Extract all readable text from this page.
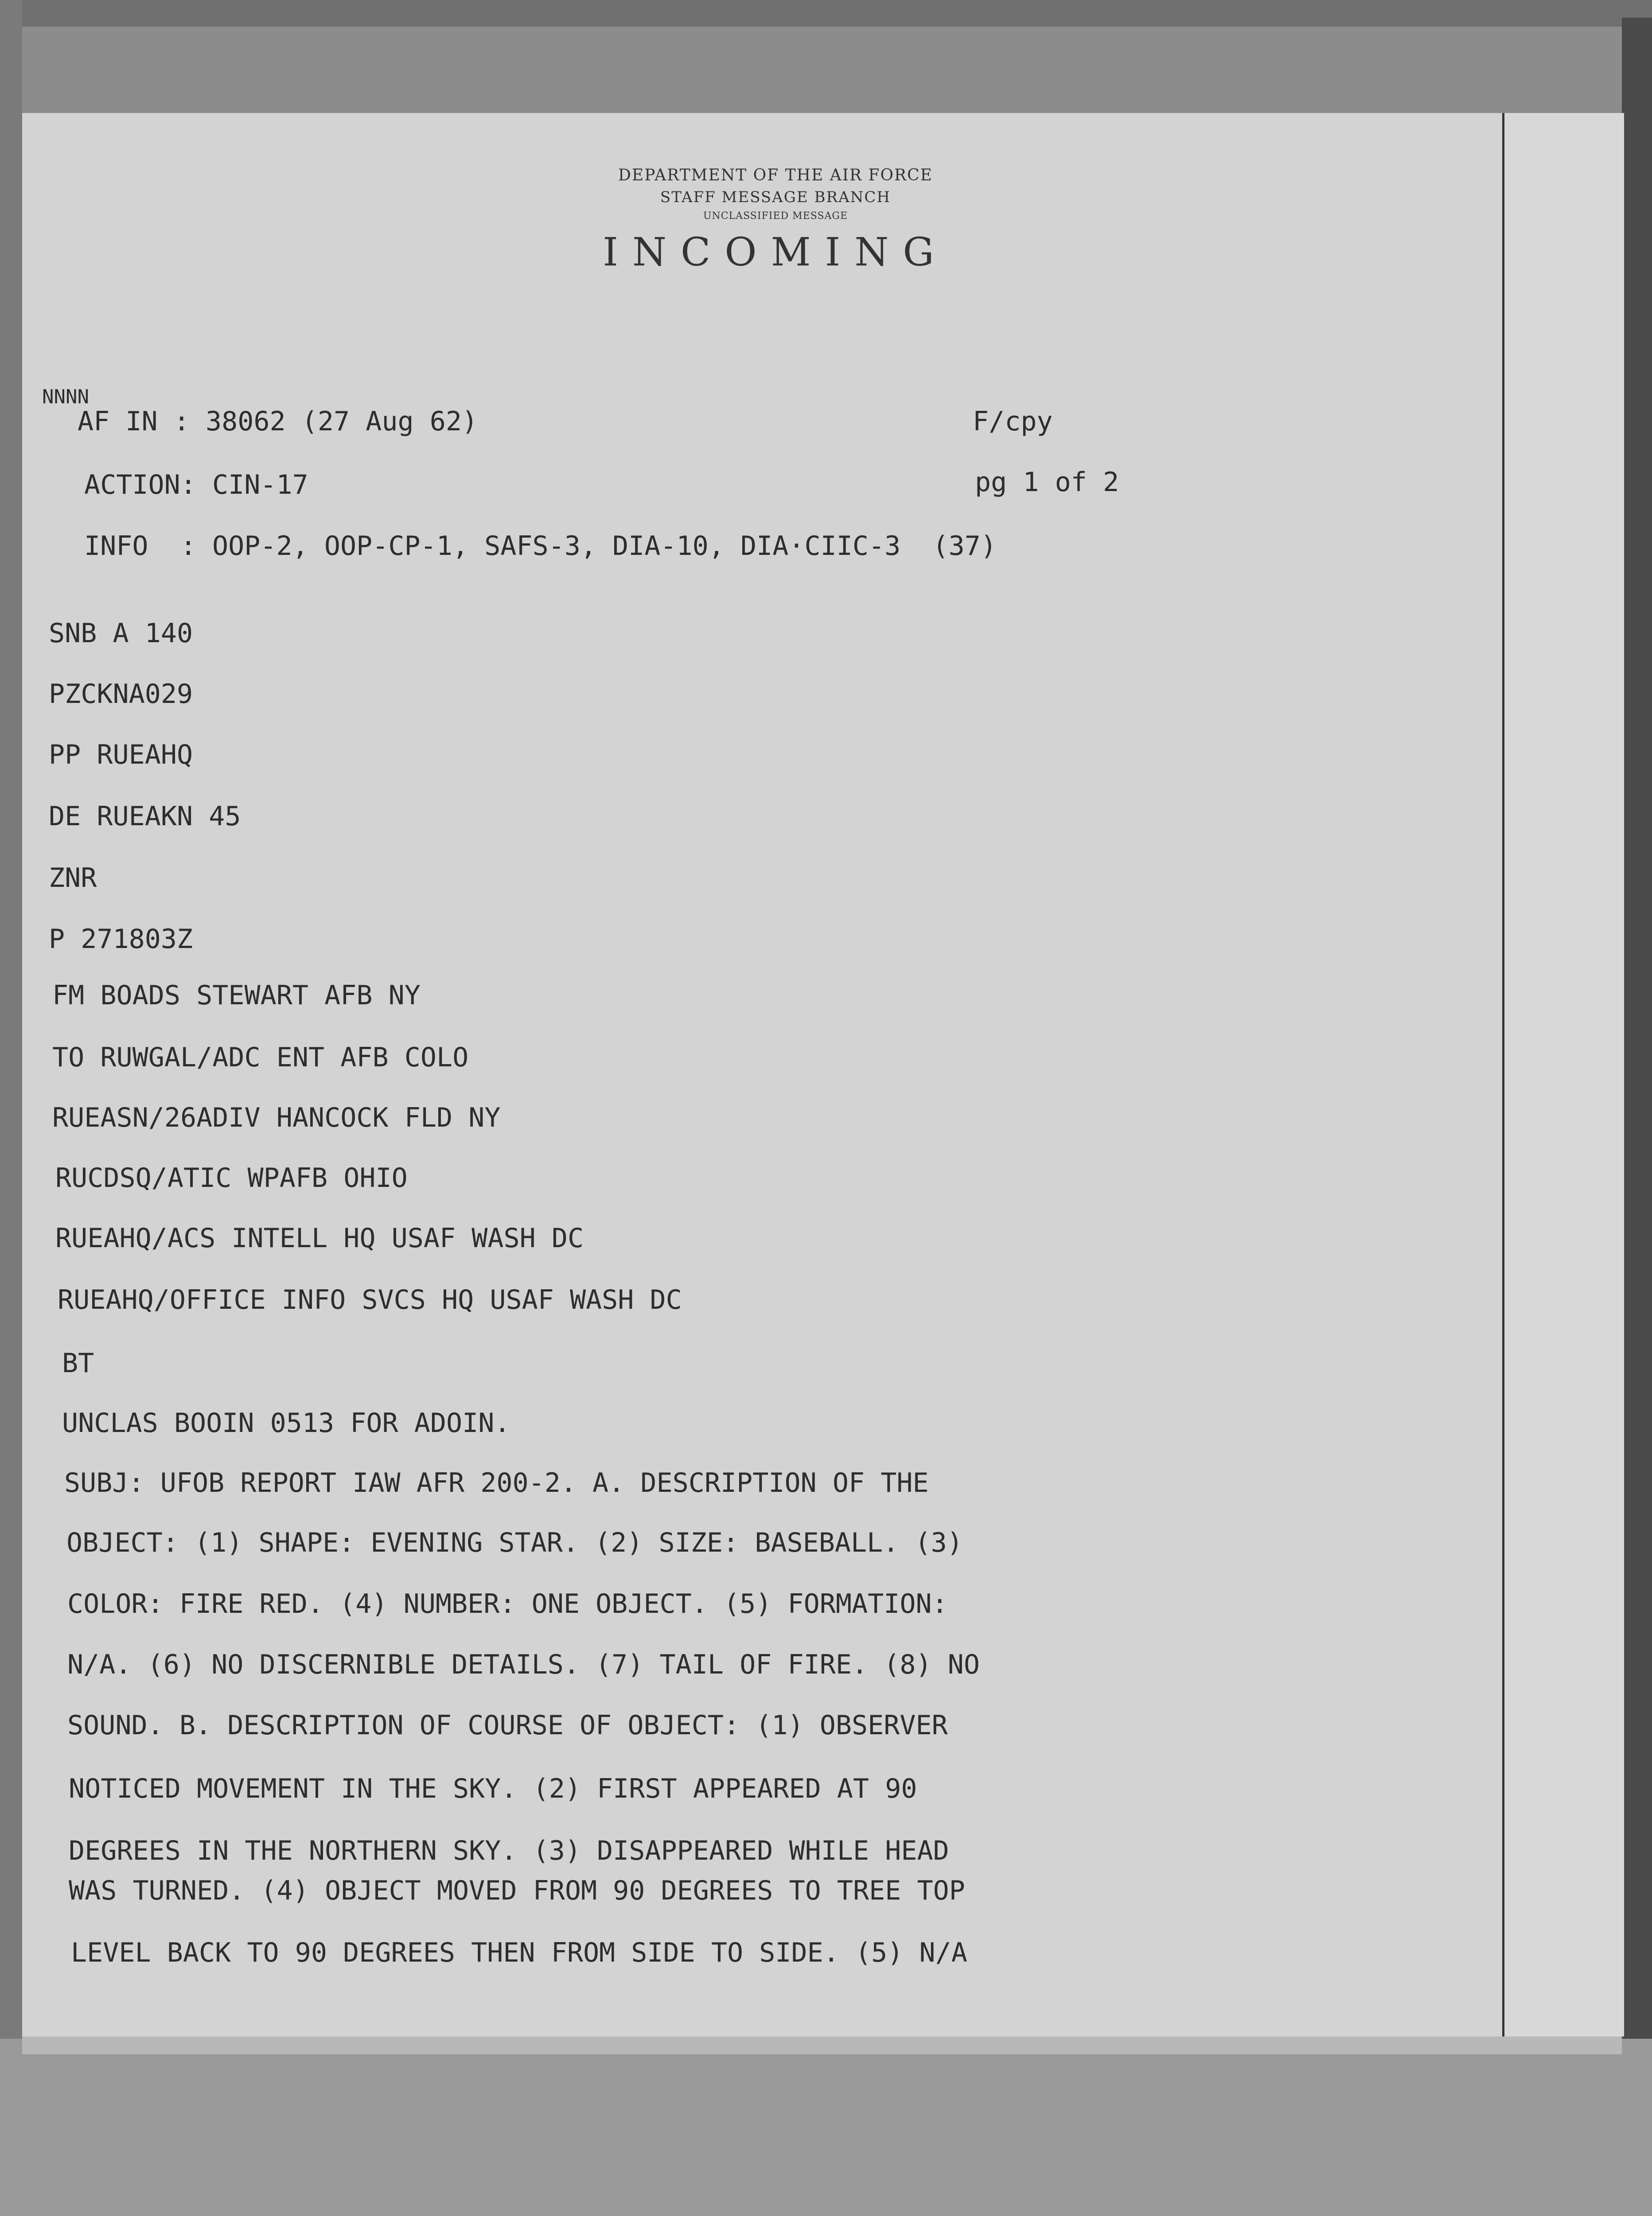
DEPARTMENT OF THE AIR FORCE
STAFF MESSAGE BRANCH
UNCLASSIFIED MESSAGE
INCOMING
NNNN
AF IN : 38062 (27 Aug 62)	F/cpy
ACTION: CIN-17	pg 1 of 2
INFO  : OOP-2, OOP-CP-1, SAFS-3, DIA-10, DIA·CIIC-3  (37)
SNB A 140
PZCKNA029
PP RUEAHQ
DE RUEAKN 45
ZNR
P 271803Z
FM BOADS STEWART AFB NY
TO RUWGAL/ADC ENT AFB COLO
RUEASN/26ADIV HANCOCK FLD NY
RUCDSQ/ATIC WPAFB OHIO
RUEAHQ/ACS INTELL HQ USAF WASH DC
RUEAHQ/OFFICE INFO SVCS HQ USAF WASH DC
BT
UNCLAS BOOIN 0513 FOR ADOIN.
SUBJ: UFOB REPORT IAW AFR 200-2. A. DESCRIPTION OF THE
OBJECT: (1) SHAPE: EVENING STAR. (2) SIZE: BASEBALL. (3)
COLOR: FIRE RED. (4) NUMBER: ONE OBJECT. (5) FORMATION:
N/A. (6) NO DISCERNIBLE DETAILS. (7) TAIL OF FIRE. (8) NO
SOUND. B. DESCRIPTION OF COURSE OF OBJECT: (1) OBSERVER
NOTICED MOVEMENT IN THE SKY. (2) FIRST APPEARED AT 90
DEGREES IN THE NORTHERN SKY. (3) DISAPPEARED WHILE HEAD
WAS TURNED. (4) OBJECT MOVED FROM 90 DEGREES TO TREE TOP
LEVEL BACK TO 90 DEGREES THEN FROM SIDE TO SIDE. (5) N/A
